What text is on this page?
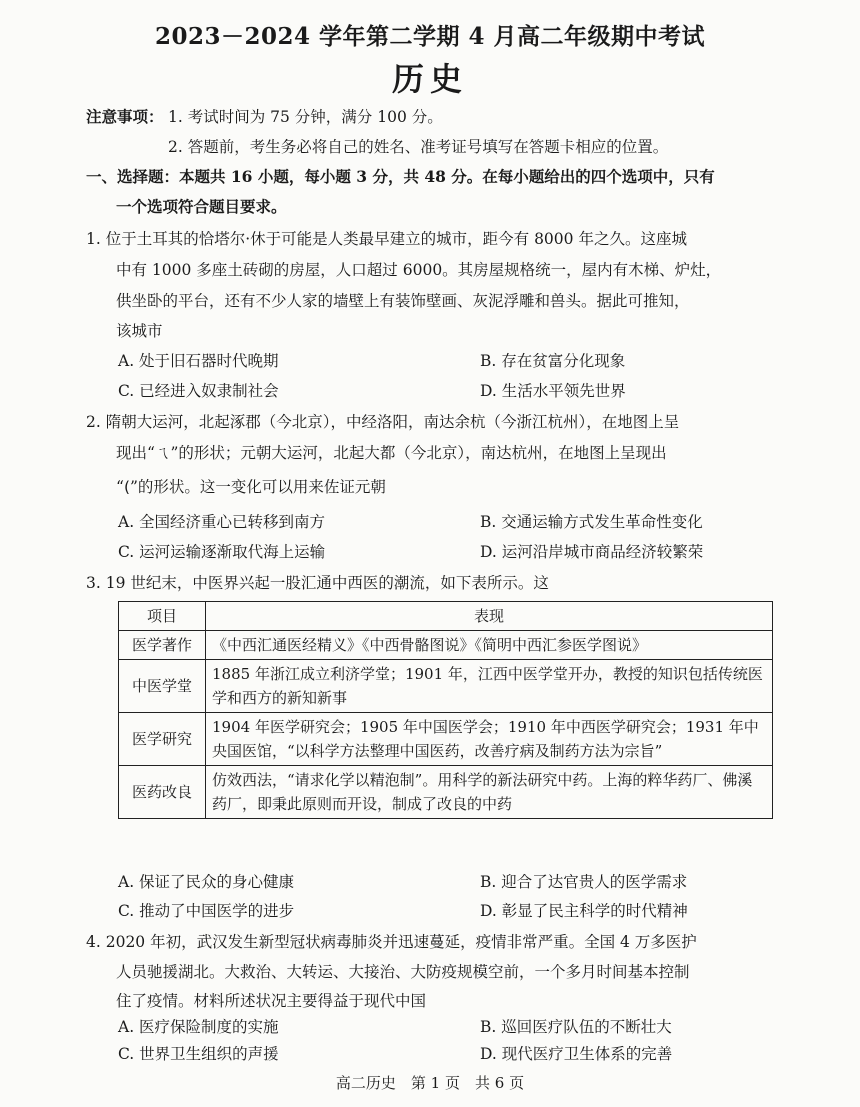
2023－2024 学年第二学期 4 月高二年级期中考试
历史
注意事项： 1. 考试时间为 75 分钟，满分 100 分。
2. 答题前，考生务必将自己的姓名、准考证号填写在答题卡相应的位置。
一、选择题：本题共 16 小题，每小题 3 分，共 48 分。在每小题给出的四个选项中，只有
一个选项符合题目要求。
1. 位于土耳其的恰塔尔·休于可能是人类最早建立的城市，距今有 8000 年之久。这座城
中有 1000 多座土砖砌的房屋，人口超过 6000。其房屋规格统一，屋内有木梯、炉灶，
供坐卧的平台，还有不少人家的墙壁上有装饰壁画、灰泥浮雕和兽头。据此可推知，
该城市
A. 处于旧石器时代晚期	B. 存在贫富分化现象
C. 已经进入奴隶制社会	D. 生活水平领先世界
2. 隋朝大运河，北起涿郡（今北京），中经洛阳，南达余杭（今浙江杭州），在地图上呈
现出“ㄟ”的形状；元朝大运河，北起大都（今北京），南达杭州，在地图上呈现出
“(”的形状。这一变化可以用来佐证元朝
A. 全国经济重心已转移到南方	B. 交通运输方式发生革命性变化
C. 运河运输逐渐取代海上运输	D. 运河沿岸城市商品经济较繁荣
3. 19 世纪末，中医界兴起一股汇通中西医的潮流，如下表所示。这
项目	表现
医学著作	《中西汇通医经精义》《中西骨骼图说》《简明中西汇参医学图说》
中医学堂	1885 年浙江成立利济学堂；1901 年，江西中医学堂开办，教授的知识包括传统医学和西方的新知新事
医学研究	1904 年医学研究会；1905 年中国医学会；1910 年中西医学研究会；1931 年中央国医馆，“以科学方法整理中国医药，改善疗病及制药方法为宗旨”
医药改良	仿效西法，“请求化学以精泡制”。用科学的新法研究中药。上海的粹华药厂、佛溪药厂，即秉此原则而开设，制成了改良的中药
A. 保证了民众的身心健康	B. 迎合了达官贵人的医学需求
C. 推动了中国医学的进步	D. 彰显了民主科学的时代精神
4. 2020 年初，武汉发生新型冠状病毒肺炎并迅速蔓延，疫情非常严重。全国 4 万多医护
人员驰援湖北。大救治、大转运、大接治、大防疫规模空前，一个多月时间基本控制
住了疫情。材料所述状况主要得益于现代中国
A. 医疗保险制度的实施	B. 巡回医疗队伍的不断壮大
C. 世界卫生组织的声援	D. 现代医疗卫生体系的完善
高二历史　第 1 页　共 6 页
